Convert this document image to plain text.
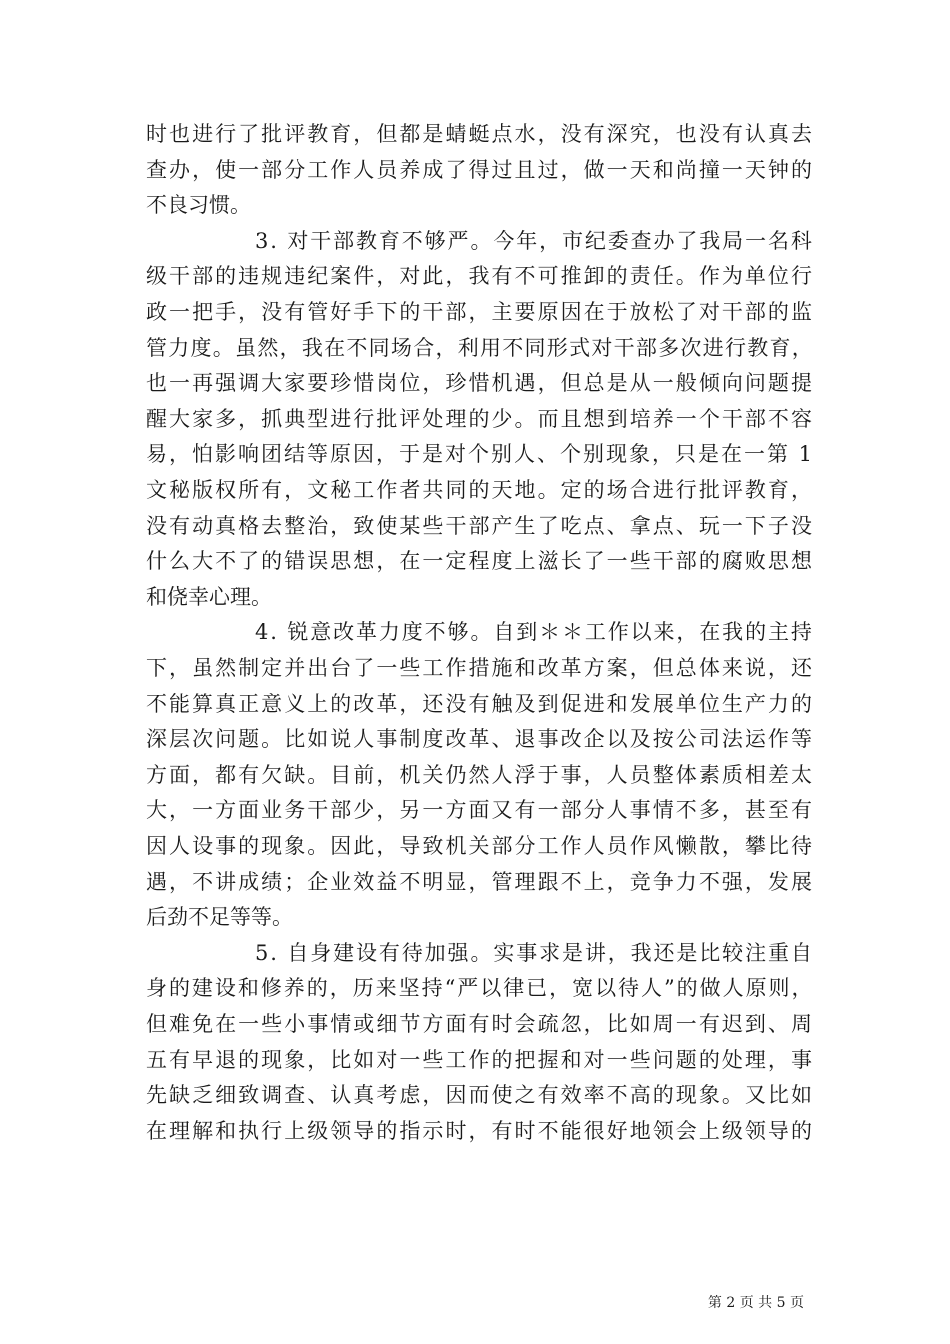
时也进行了批评教育，但都是蜻蜓点水，没有深究，也没有认真去
查办，使一部分工作人员养成了得过且过，做一天和尚撞一天钟的
不良习惯。
3. 对干部教育不够严。今年，市纪委查办了我局一名科
级干部的违规违纪案件，对此，我有不可推卸的责任。作为单位行
政一把手，没有管好手下的干部，主要原因在于放松了对干部的监
管力度。虽然，我在不同场合，利用不同形式对干部多次进行教育，
也一再强调大家要珍惜岗位，珍惜机遇，但总是从一般倾向问题提
醒大家多，抓典型进行批评处理的少。而且想到培养一个干部不容
易，怕影响团结等原因，于是对个别人、个别现象，只是在一第 1
文秘版权所有，文秘工作者共同的天地。定的场合进行批评教育，
没有动真格去整治，致使某些干部产生了吃点、拿点、玩一下子没
什么大不了的错误思想，在一定程度上滋长了一些干部的腐败思想
和侥幸心理。
4. 锐意改革力度不够。自到＊＊工作以来，在我的主持
下，虽然制定并出台了一些工作措施和改革方案，但总体来说，还
不能算真正意义上的改革，还没有触及到促进和发展单位生产力的
深层次问题。比如说人事制度改革、退事改企以及按公司法运作等
方面，都有欠缺。目前，机关仍然人浮于事，人员整体素质相差太
大，一方面业务干部少，另一方面又有一部分人事情不多，甚至有
因人设事的现象。因此，导致机关部分工作人员作风懒散，攀比待
遇，不讲成绩；企业效益不明显，管理跟不上，竞争力不强，发展
后劲不足等等。
5. 自身建设有待加强。实事求是讲，我还是比较注重自
身的建设和修养的，历来坚持“严以律已，宽以待人”的做人原则，
但难免在一些小事情或细节方面有时会疏忽，比如周一有迟到、周
五有早退的现象，比如对一些工作的把握和对一些问题的处理，事
先缺乏细致调查、认真考虑，因而使之有效率不高的现象。又比如
在理解和执行上级领导的指示时，有时不能很好地领会上级领导的
第 2 页 共 5 页
